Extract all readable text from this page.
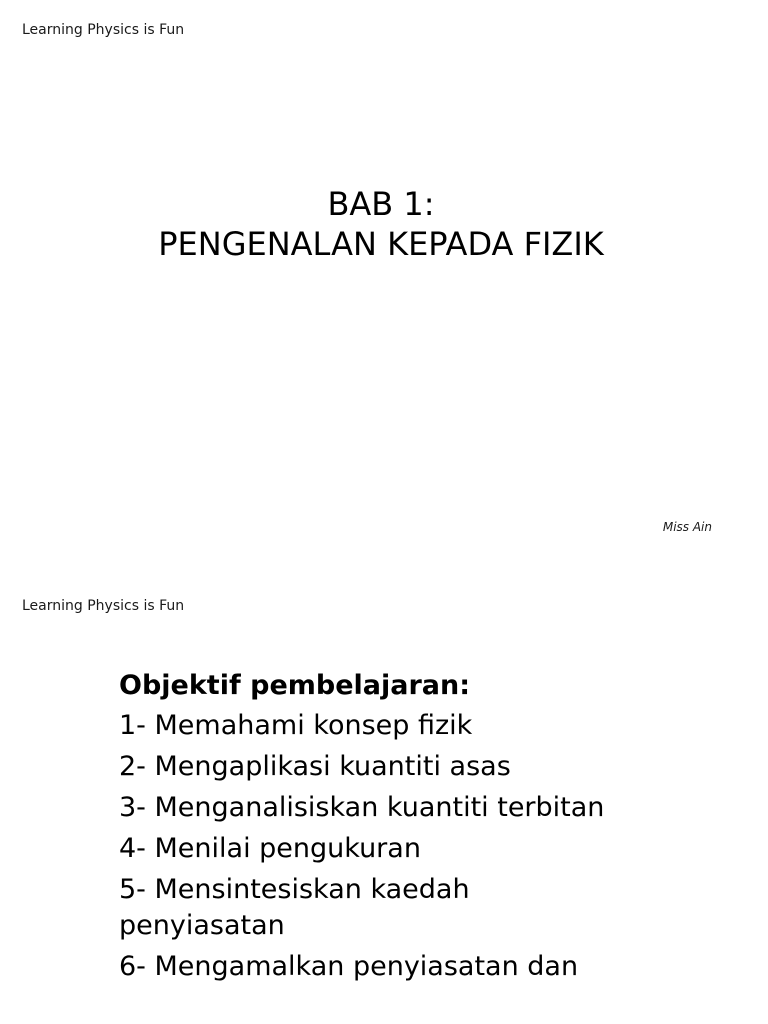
Learning Physics is Fun
BAB 1:
PENGENALAN KEPADA FIZIK
Miss Ain
Learning Physics is Fun
Objektif pembelajaran:
1- Memahami konsep fizik
2- Mengaplikasi kuantiti asas
3- Menganalisiskan kuantiti terbitan
4- Menilai pengukuran
5- Mensintesiskan kaedah penyiasatan
6- Mengamalkan penyiasatan dan
